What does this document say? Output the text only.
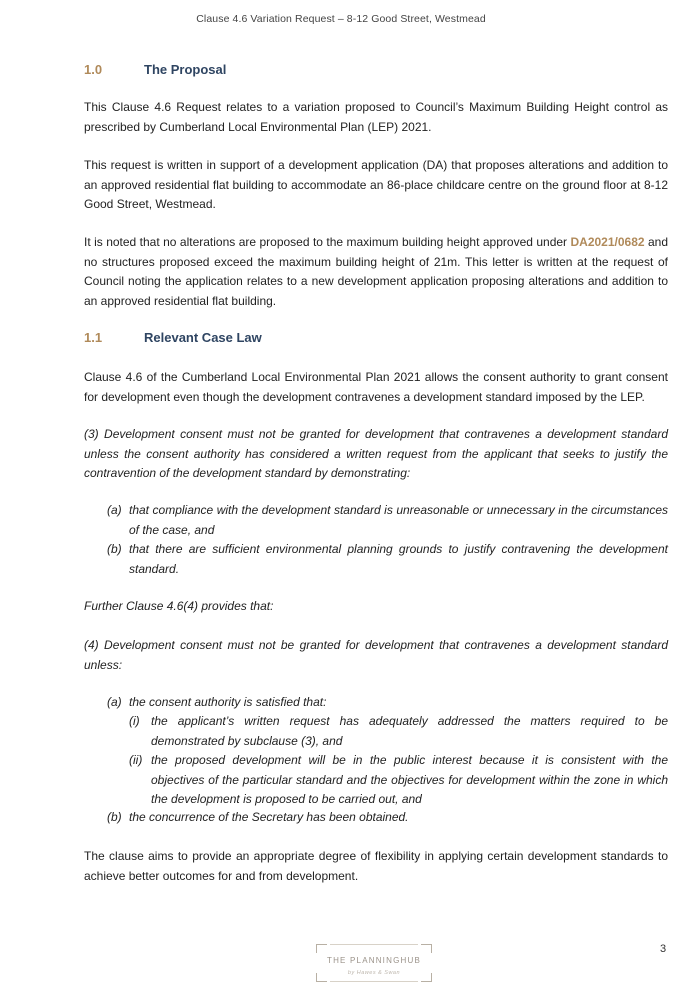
Clause 4.6 Variation Request – 8-12 Good Street, Westmead
1.0	The Proposal
This Clause 4.6 Request relates to a variation proposed to Council’s Maximum Building Height control as prescribed by Cumberland Local Environmental Plan (LEP) 2021.
This request is written in support of a development application (DA) that proposes alterations and addition to an approved residential flat building to accommodate an 86-place childcare centre on the ground floor at 8-12 Good Street, Westmead.
It is noted that no alterations are proposed to the maximum building height approved under DA2021/0682 and no structures proposed exceed the maximum building height of 21m. This letter is written at the request of Council noting the application relates to a new development application proposing alterations and addition to an approved residential flat building.
1.1	Relevant Case Law
Clause 4.6 of the Cumberland Local Environmental Plan 2021 allows the consent authority to grant consent for development even though the development contravenes a development standard imposed by the LEP.
(3) Development consent must not be granted for development that contravenes a development standard unless the consent authority has considered a written request from the applicant that seeks to justify the contravention of the development standard by demonstrating:
(a) that compliance with the development standard is unreasonable or unnecessary in the circumstances of the case, and
(b) that there are sufficient environmental planning grounds to justify contravening the development standard.
Further Clause 4.6(4) provides that:
(4) Development consent must not be granted for development that contravenes a development standard unless:
(a) the consent authority is satisfied that:
(i) the applicant’s written request has adequately addressed the matters required to be demonstrated by subclause (3), and
(ii) the proposed development will be in the public interest because it is consistent with the objectives of the particular standard and the objectives for development within the zone in which the development is proposed to be carried out, and
(b) the concurrence of the Secretary has been obtained.
The clause aims to provide an appropriate degree of flexibility in applying certain development standards to achieve better outcomes for and from development.
3
THE PLANNINGHUB
by Hawes & Swan
